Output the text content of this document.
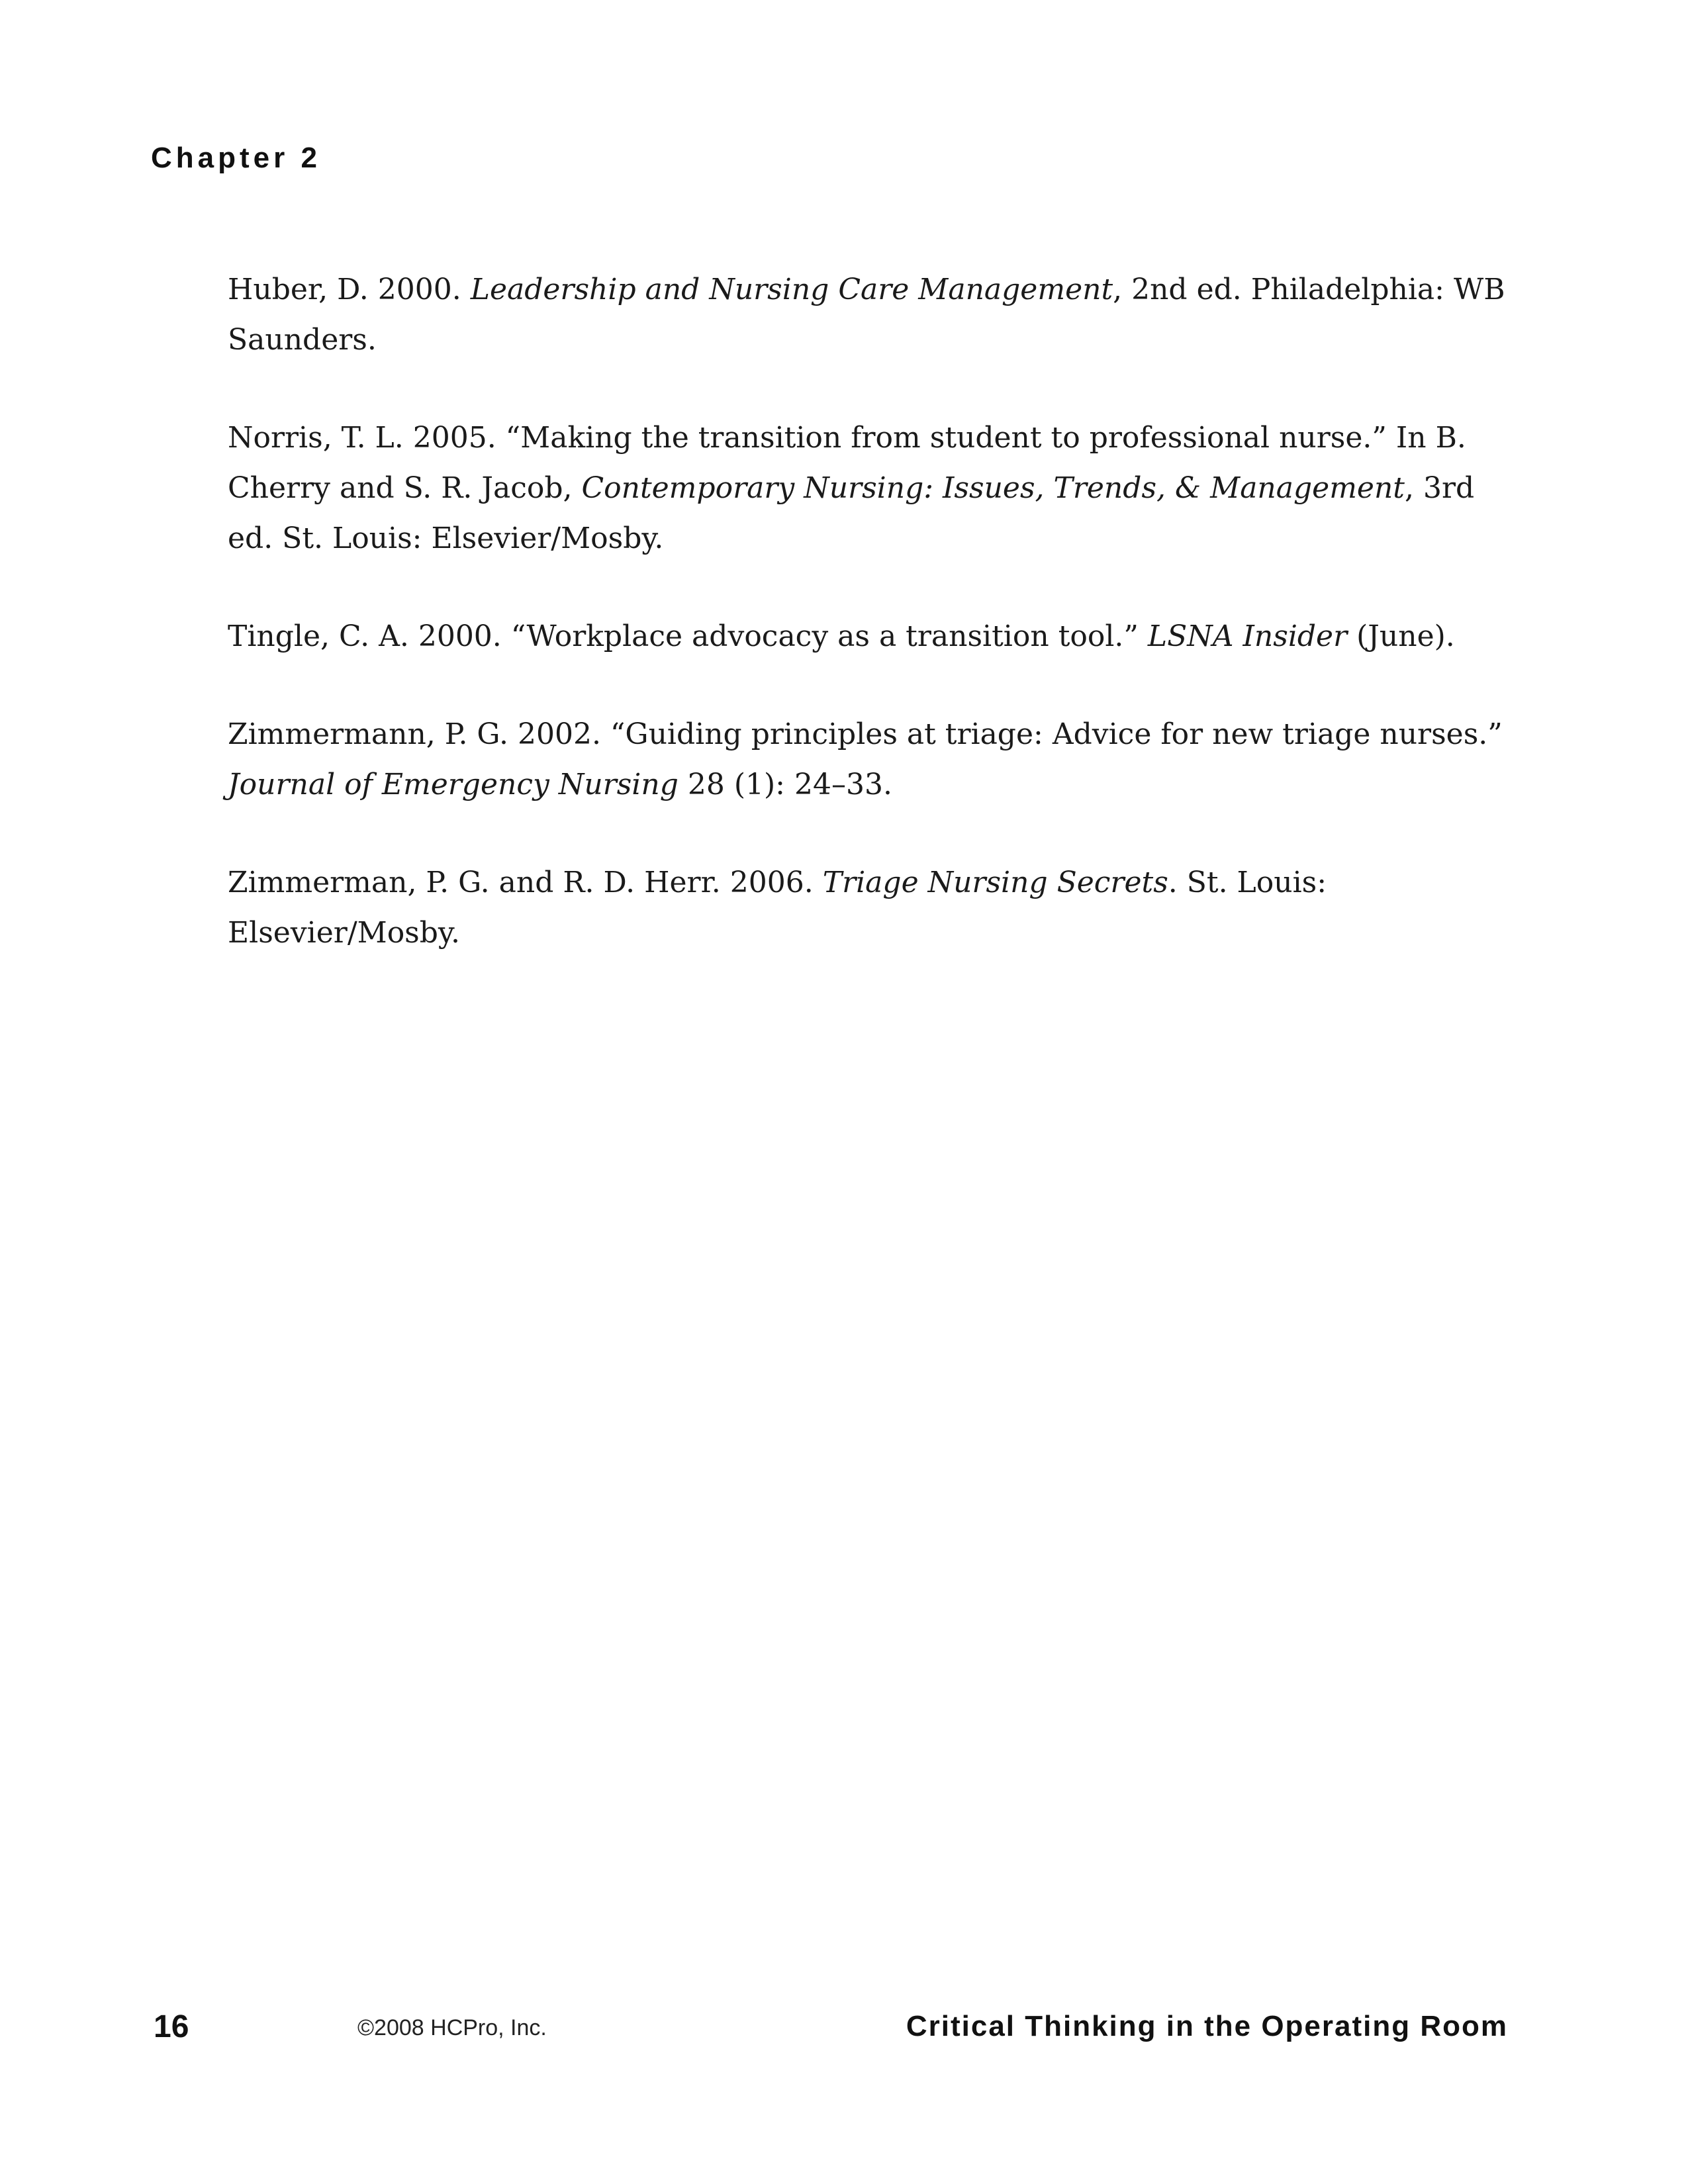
Chapter 2
Huber, D. 2000. Leadership and Nursing Care Management, 2nd ed. Philadelphia: WB Saunders.
Norris, T. L. 2005. “Making the transition from student to professional nurse.” In B. Cherry and S. R. Jacob, Contemporary Nursing: Issues, Trends, & Management, 3rd ed. St. Louis: Elsevier/Mosby.
Tingle, C. A. 2000. “Workplace advocacy as a transition tool.” LSNA Insider (June).
Zimmermann, P. G. 2002. “Guiding principles at triage: Advice for new triage nurses.” Journal of Emergency Nursing 28 (1): 24–33.
Zimmerman, P. G. and R. D. Herr. 2006. Triage Nursing Secrets. St. Louis: Elsevier/Mosby.
16	©2008 HCPro, Inc.	Critical Thinking in the Operating Room
